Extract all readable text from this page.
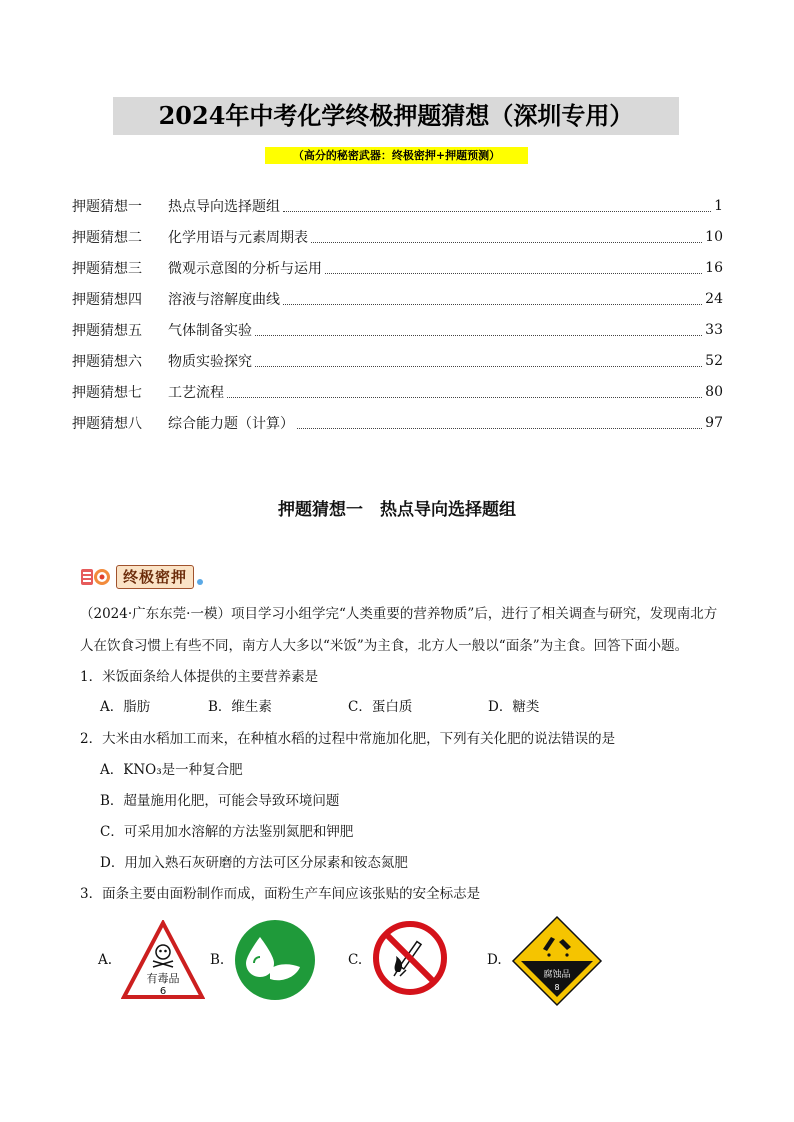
2024年中考化学终极押题猜想（深圳专用）
（高分的秘密武器：终极密押+押题预测）
押题猜想一	热点导向选择题组	1
押题猜想二	化学用语与元素周期表	10
押题猜想三	微观示意图的分析与运用	16
押题猜想四	溶液与溶解度曲线	24
押题猜想五	气体制备实验	33
押题猜想六	物质实验探究	52
押题猜想七	工艺流程	80
押题猜想八	综合能力题（计算）	97
押题猜想一　热点导向选择题组
终极密押
（2024·广东东莞·一模）项目学习小组学完“人类重要的营养物质”后，进行了相关调查与研究，发现南北方
人在饮食习惯上有些不同，南方人大多以“米饭”为主食，北方人一般以“面条”为主食。回答下面小题。
1．米饭面条给人体提供的主要营养素是
A．脂肪	B．维生素	C．蛋白质	D．糖类
2．大米由水稻加工而来，在种植水稻的过程中常施加化肥，下列有关化肥的说法错误的是
A．KNO₃是一种复合肥
B．超量施用化肥，可能会导致环境问题
C．可采用加水溶解的方法鉴别氮肥和钾肥
D．用加入熟石灰研磨的方法可区分尿素和铵态氮肥
3．面条主要由面粉制作而成，面粉生产车间应该张贴的安全标志是
A.
有毒品
6
B.	C.	D.
腐蚀品
8
